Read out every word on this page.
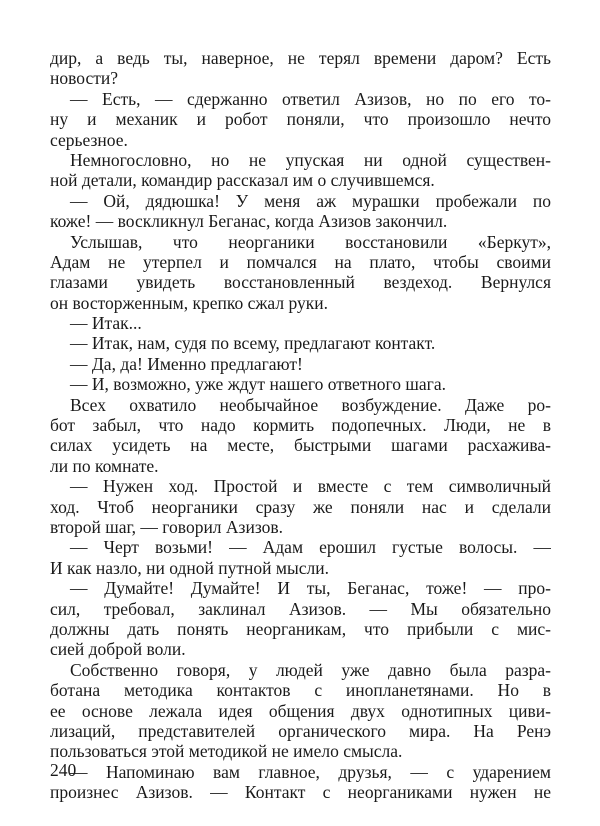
дир, а ведь ты, наверное, не терял времени даром? Есть
новости?
— Есть, — сдержанно ответил Азизов, но по его то-
ну и механик и робот поняли, что произошло нечто
серьезное.
Немногословно, но не упуская ни одной существен-
ной детали, командир рассказал им о случившемся.
— Ой, дядюшка! У меня аж мурашки пробежали по
коже! — воскликнул Беганас, когда Азизов закончил.
Услышав, что неорганики восстановили «Беркут»,
Адам не утерпел и помчался на плато, чтобы своими
глазами увидеть восстановленный вездеход. Вернулся
он восторженным, крепко сжал руки.
— Итак...
— Итак, нам, судя по всему, предлагают контакт.
— Да, да! Именно предлагают!
— И, возможно, уже ждут нашего ответного шага.
Всех охватило необычайное возбуждение. Даже ро-
бот забыл, что надо кормить подопечных. Люди, не в
силах усидеть на месте, быстрыми шагами расхажива-
ли по комнате.
— Нужен ход. Простой и вместе с тем символичный
ход. Чтоб неорганики сразу же поняли нас и сделали
второй шаг, — говорил Азизов.
— Черт возьми! — Адам ерошил густые волосы. —
И как назло, ни одной путной мысли.
— Думайте! Думайте! И ты, Беганас, тоже! — про-
сил, требовал, заклинал Азизов. — Мы обязательно
должны дать понять неорганикам, что прибыли с мис-
сией доброй воли.
Собственно говоря, у людей уже давно была разра-
ботана методика контактов с инопланетянами. Но в
ее основе лежала идея общения двух однотипных циви-
лизаций, представителей органического мира. На Ренэ
пользоваться этой методикой не имело смысла.
— Напоминаю вам главное, друзья, — с ударением
произнес Азизов. — Контакт с неорганиками нужен не
240
